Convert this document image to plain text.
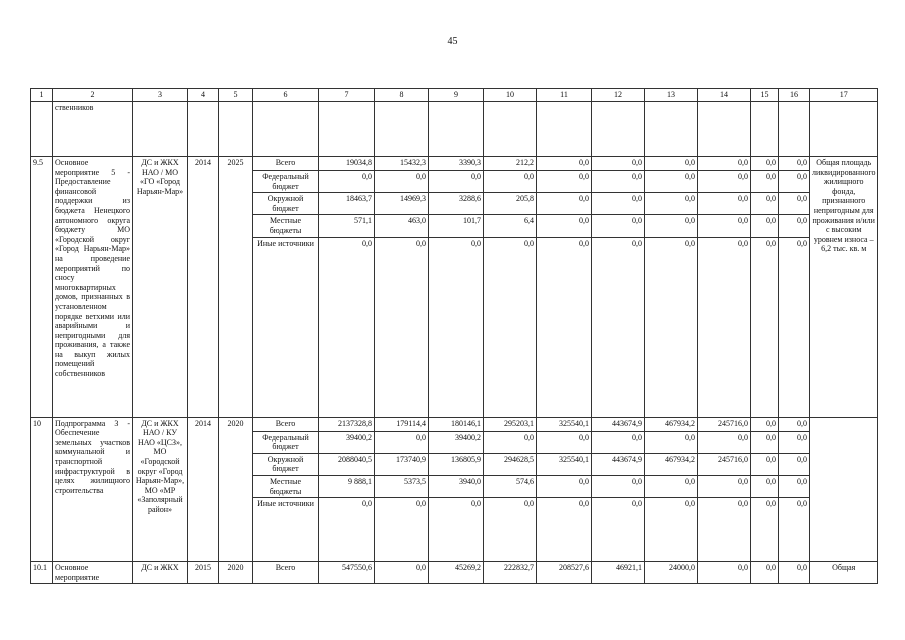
45
1	2	3	4	5	6	7	8	9	10	11	12	13	14	15	16	17
	ственников															
9.5	Основное мероприятие 5 - Предоставление финансовой поддержки из бюджета Ненецкого автономного округа бюджету МО «Городской округ «Город Нарьян-Мар» на проведение мероприятий по сносу многоквартирных домов, признанных в установленном порядке ветхими или аварийными и непригодными для проживания, а также на выкуп жилых помещений собственников	ДС и ЖКХ НАО / МО «ГО «Город Нарьян-Мар»	2014	2025	Всего	19034,8	15432,3	3390,3	212,2	0,0	0,0	0,0	0,0	0,0	0,0	Общая площадь ликвидированного жилищного фонда, признанного непригодным для проживания и/или с высоким уровнем износа – 6,2 тыс. кв. м
					Федеральный бюджет	0,0	0,0	0,0	0,0	0,0	0,0	0,0	0,0	0,0	0,0	
					Окружной бюджет	18463,7	14969,3	3288,6	205,8	0,0	0,0	0,0	0,0	0,0	0,0	
					Местные бюджеты	571,1	463,0	101,7	6,4	0,0	0,0	0,0	0,0	0,0	0,0	
					Иные источники	0,0	0,0	0,0	0,0	0,0	0,0	0,0	0,0	0,0	0,0	
10	Подпрограмма 3 - Обеспечение земельных участков коммунальной и транспортной инфраструктурой в целях жилищного строительства	ДС и ЖКХ НАО / КУ НАО «ЦСЗ», МО «Городской округ «Город Нарьян-Мар», МО «МР «Заполярный район»	2014	2020	Всего	2137328,8	179114,4	180146,1	295203,1	325540,1	443674,9	467934,2	245716,0	0,0	0,0	
					Федеральный бюджет	39400,2	0,0	39400,2	0,0	0,0	0,0	0,0	0,0	0,0	0,0	
					Окружной бюджет	2088040,5	173740,9	136805,9	294628,5	325540,1	443674,9	467934,2	245716,0	0,0	0,0	
					Местные бюджеты	9 888,1	5373,5	3940,0	574,6	0,0	0,0	0,0	0,0	0,0	0,0	
					Иные источники	0,0	0,0	0,0	0,0	0,0	0,0	0,0	0,0	0,0	0,0	
10.1	Основное мероприятие	ДС и ЖКХ	2015	2020	Всего	547550,6	0,0	45269,2	222832,7	208527,6	46921,1	24000,0	0,0	0,0	0,0	Общая
